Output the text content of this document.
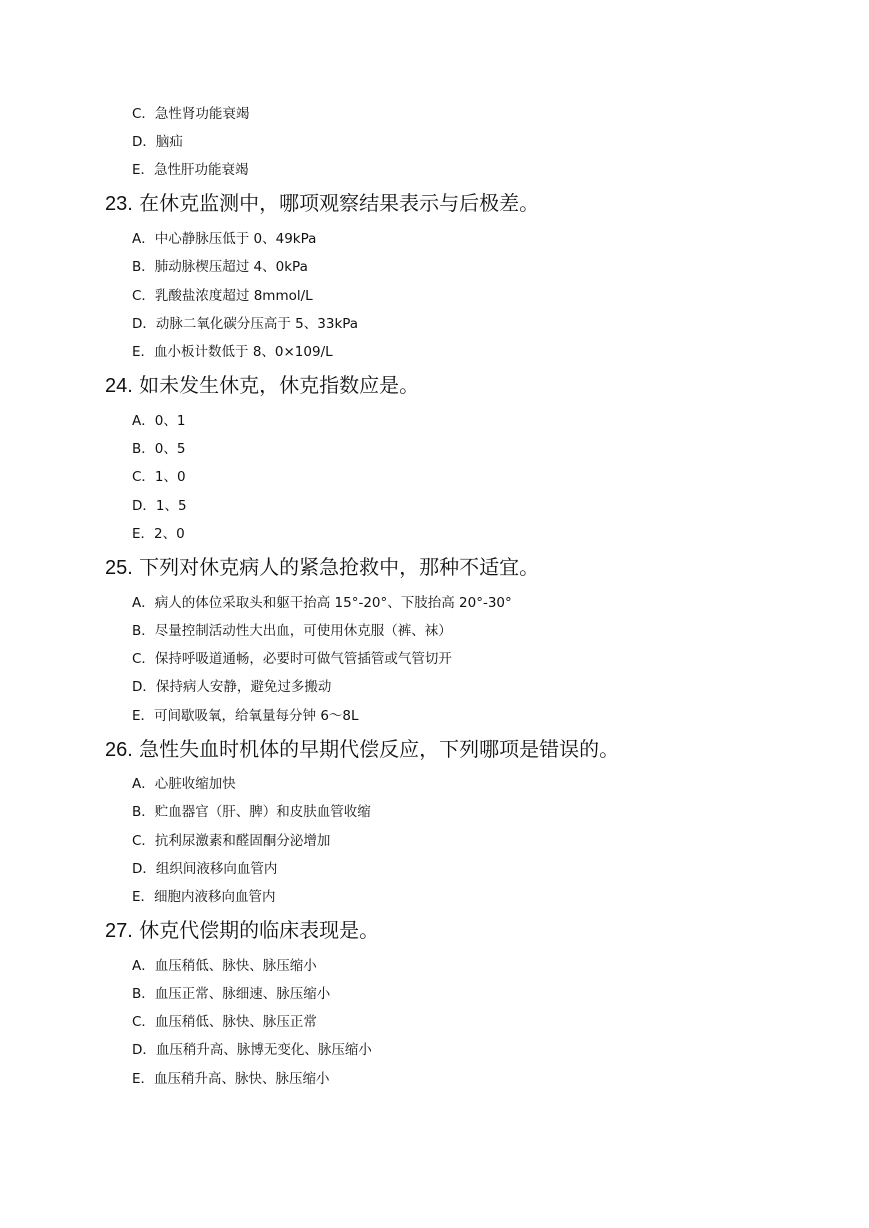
C．急性肾功能衰竭
D．脑疝
E．急性肝功能衰竭
23. 在休克监测中，哪项观察结果表示与后极差。
A．中心静脉压低于 0、49kPa
B．肺动脉楔压超过 4、0kPa
C．乳酸盐浓度超过 8mmol/L
D．动脉二氧化碳分压高于 5、33kPa
E．血小板计数低于 8、0×109/L
24. 如未发生休克，休克指数应是。
A．0、1
B．0、5
C．1、0
D．1、5
E．2、0
25. 下列对休克病人的紧急抢救中，那种不适宜。
A．病人的体位采取头和躯干抬高 15°-20°、下肢抬高 20°-30°
B．尽量控制活动性大出血，可使用休克服（裤、袜）
C．保持呼吸道通畅，必要时可做气管插管或气管切开
D．保持病人安静，避免过多搬动
E．可间歇吸氧，给氧量每分钟 6～8L
26. 急性失血时机体的早期代偿反应，下列哪项是错误的。
A．心脏收缩加快
B．贮血器官（肝、脾）和皮肤血管收缩
C．抗利尿激素和醛固酮分泌增加
D．组织间液移向血管内
E．细胞内液移向血管内
27. 休克代偿期的临床表现是。
A．血压稍低、脉快、脉压缩小
B．血压正常、脉细速、脉压缩小
C．血压稍低、脉快、脉压正常
D．血压稍升高、脉博无变化、脉压缩小
E．血压稍升高、脉快、脉压缩小
